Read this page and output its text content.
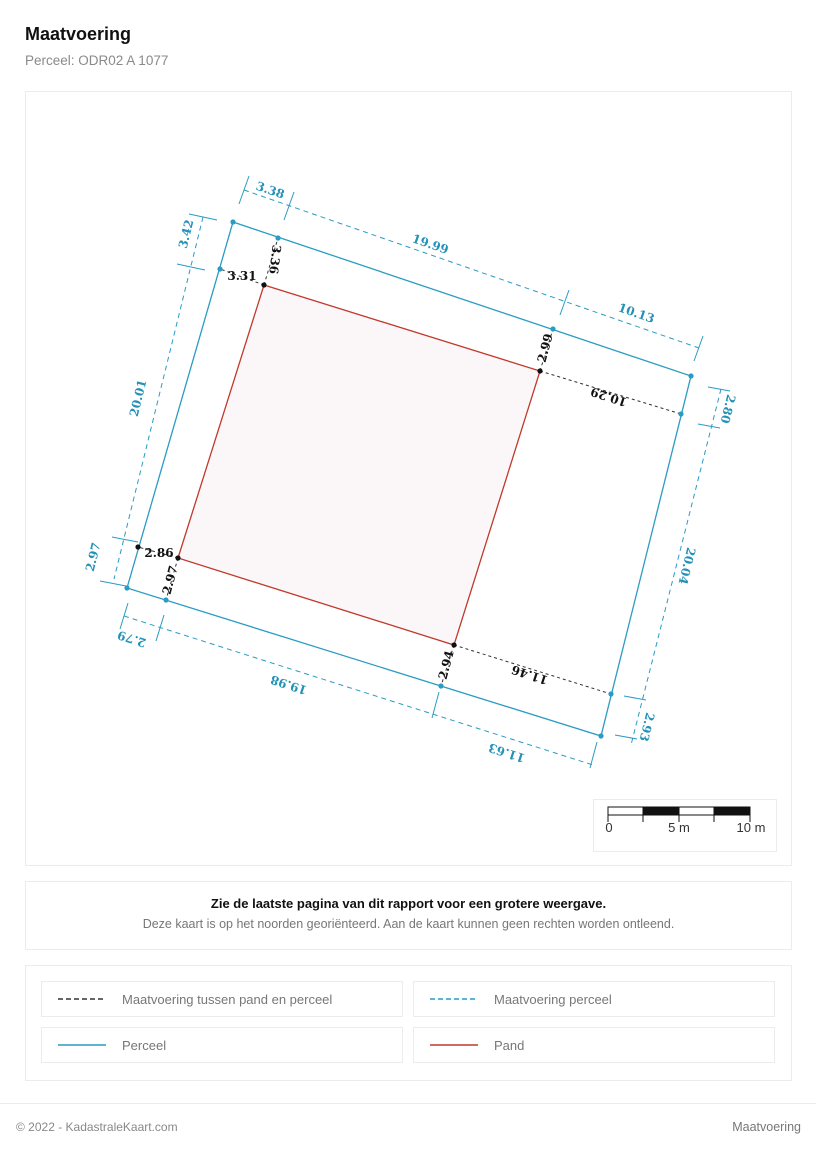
Maatvoering
Perceel: ODR02 A 1077
3.38
19.99
10.13
3.42
20.01
2.97
2.79
19.98
11.63
2.80
20.04
2.93
3.36
3.31
2.99
10.29
2.86
2.97
2.94	11.46
0	5 m	10 m
Zie de laatste pagina van dit rapport voor een grotere weergave.
Deze kaart is op het noorden georiënteerd. Aan de kaart kunnen geen rechten worden ontleend.
Maatvoering tussen pand en perceel	Maatvoering perceel
Perceel	Pand
© 2022 - KadastraleKaart.com	Maatvoering
